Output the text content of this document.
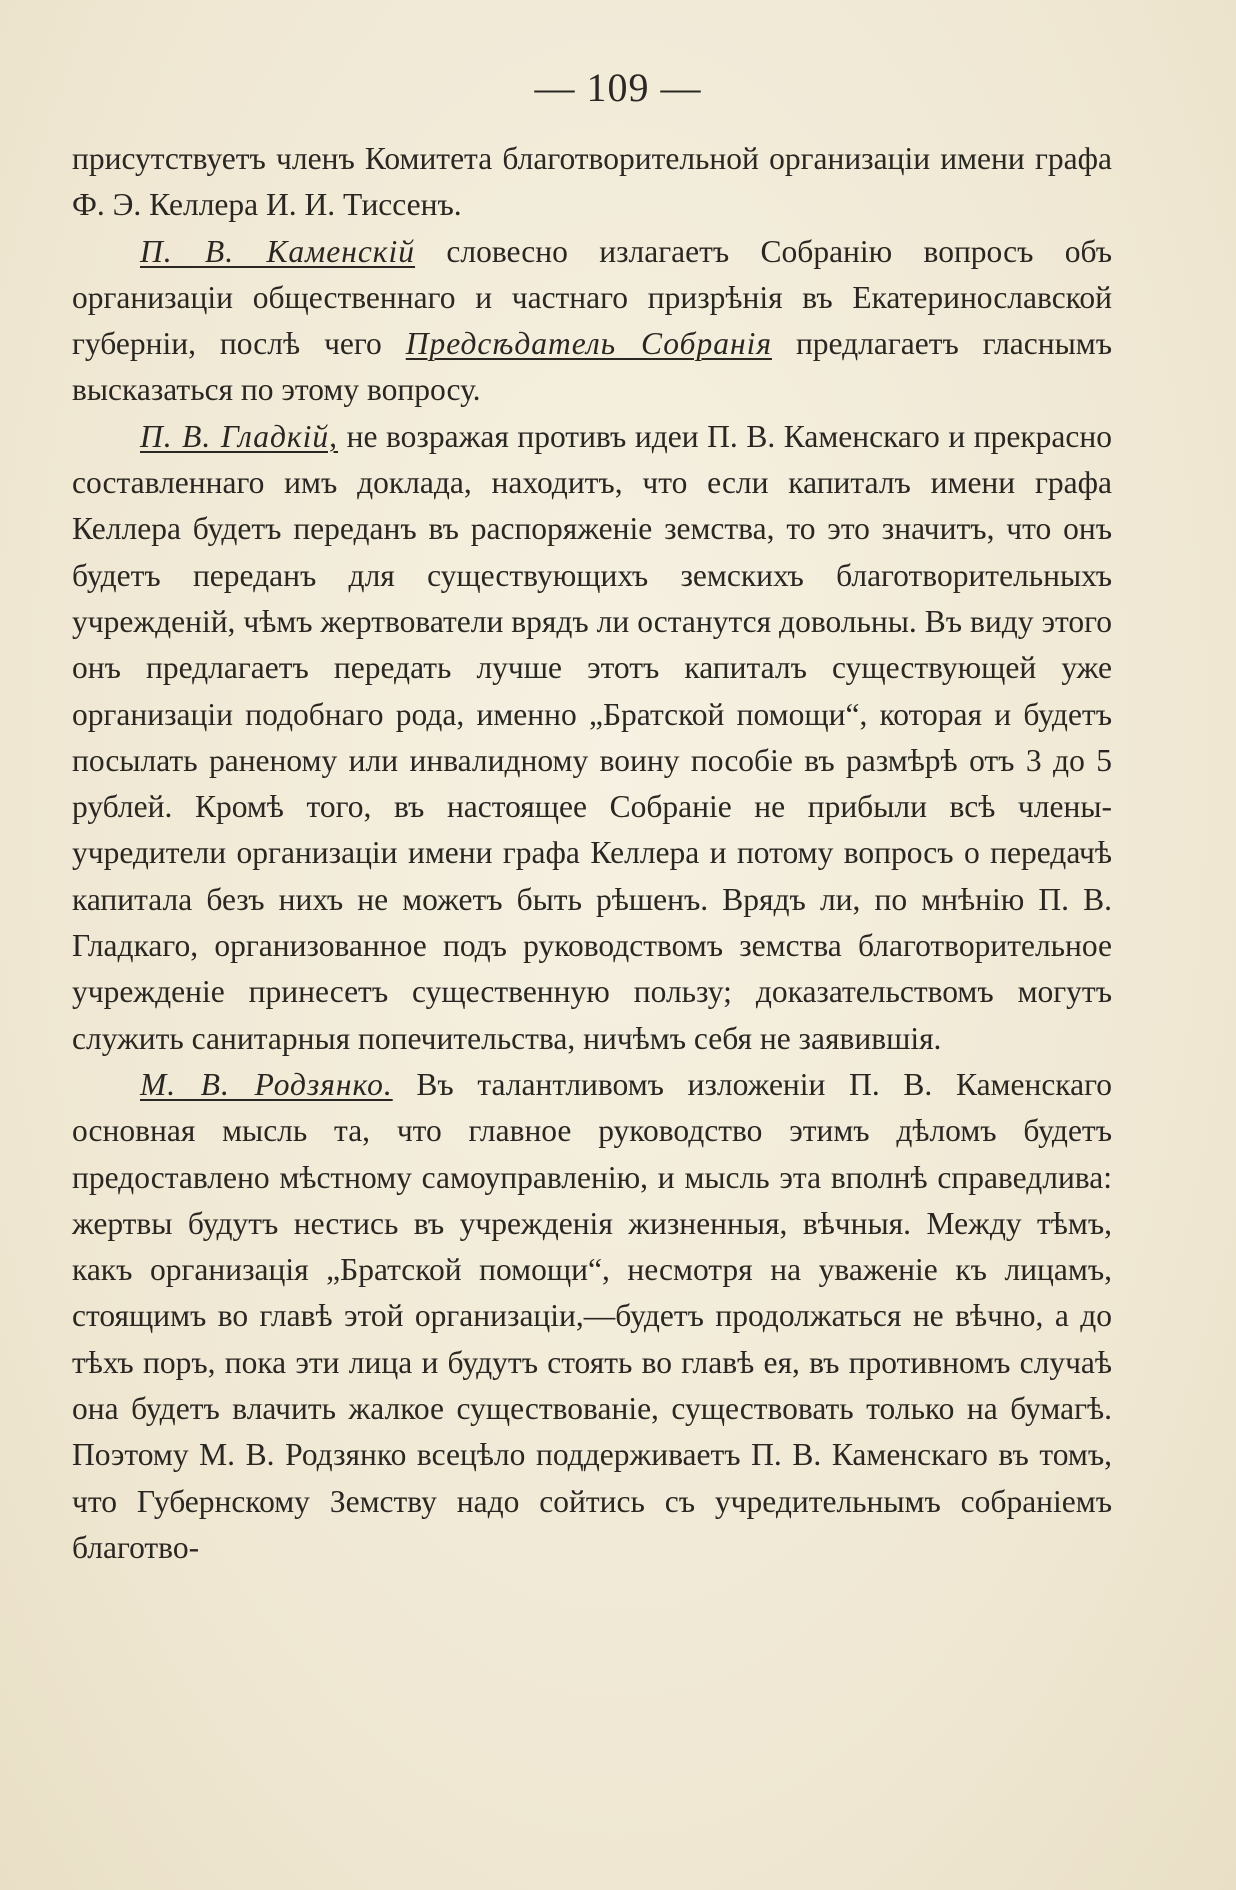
— 109 —

присутствуетъ членъ Комитета благотворительной организаціи имени графа Ф. Э. Келлера И. И. Тиссенъ.

П. В. Каменскій словесно излагаетъ Собранію вопросъ объ организаціи общественнаго и частнаго призрѣнія въ Екатеринославской губерніи, послѣ чего Предсѣдатель Собранія предлагаетъ гласнымъ высказаться по этому вопросу.

П. В. Гладкій, не возражая противъ идеи П. В. Каменскаго и прекрасно составленнаго имъ доклада, находитъ, что если капиталъ имени графа Келлера будетъ переданъ въ распоряженіе земства, то это значитъ, что онъ будетъ переданъ для существующихъ земскихъ благотворительныхъ учрежденій, чѣмъ жертвователи врядъ ли останутся довольны. Въ виду этого онъ предлагаетъ передать лучше этотъ капиталъ существующей уже организаціи подобнаго рода, именно „Братской помощи“, которая и будетъ посылать раненому или инвалидному воину пособіе въ размѣрѣ отъ 3 до 5 рублей. Кромѣ того, въ настоящее Собраніе не прибыли всѣ члены-учредители организаціи имени графа Келлера и потому вопросъ о передачѣ капитала безъ нихъ не можетъ быть рѣшенъ. Врядъ ли, по мнѣнію П. В. Гладкаго, организованное подъ руководствомъ земства благотворительное учрежденіе принесетъ существенную пользу; доказательствомъ могутъ служить санитарныя попечительства, ничѣмъ себя не заявившія.

М. В. Родзянко. Въ талантливомъ изложеніи П. В. Каменскаго основная мысль та, что главное руководство этимъ дѣломъ будетъ предоставлено мѣстному самоуправленію, и мысль эта вполнѣ справедлива: жертвы будутъ нестись въ учрежденія жизненныя, вѣчныя. Между тѣмъ, какъ организація „Братской помощи“, несмотря на уваженіе къ лицамъ, стоящимъ во главѣ этой организаціи,—будетъ продолжаться не вѣчно, а до тѣхъ поръ, пока эти лица и будутъ стоять во главѣ ея, въ противномъ случаѣ она будетъ влачить жалкое существованіе, существовать только на бумагѣ. Поэтому М. В. Родзянко всецѣло поддерживаетъ П. В. Каменскаго въ томъ, что Губернскому Земству надо сойтись съ учредительнымъ собраніемъ благотво-
